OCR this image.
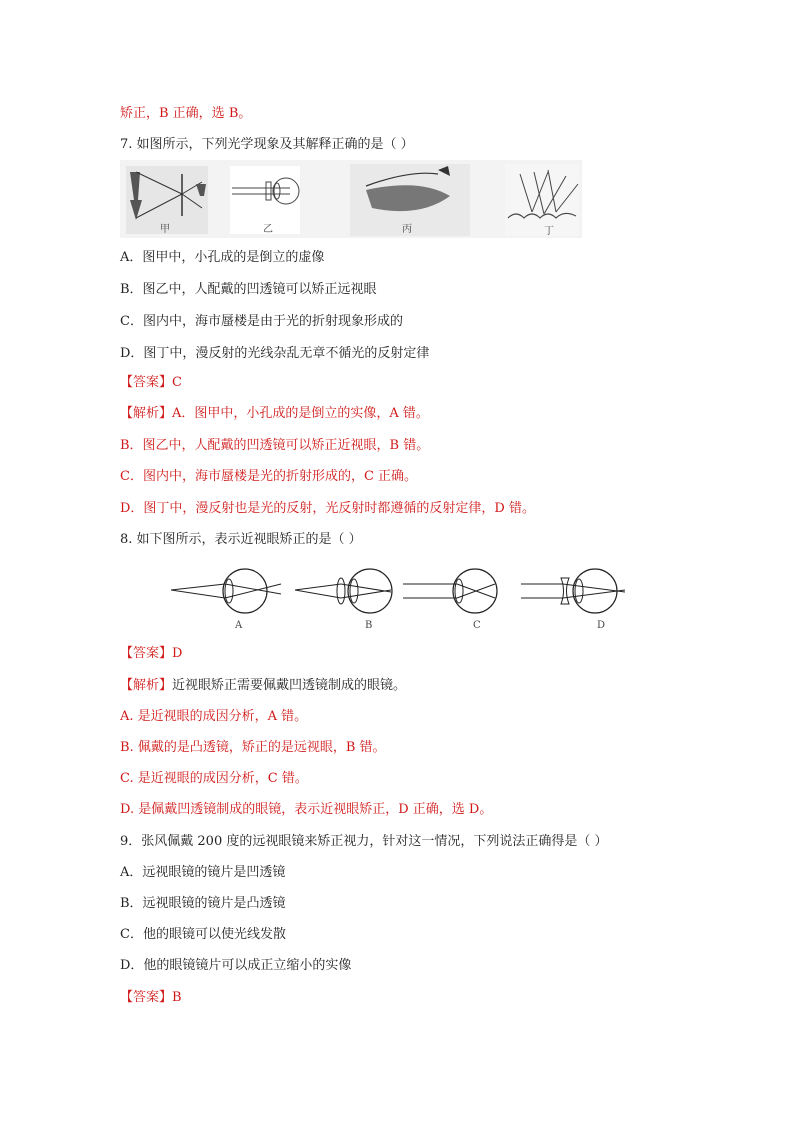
矫正，B 正确，选 B。
7. 如图所示，下列光学现象及其解释正确的是（ ）
甲	乙	丙	丁
A．图甲中，小孔成的是倒立的虚像
B．图乙中，人配戴的凹透镜可以矫正远视眼
C．图内中，海市蜃楼是由于光的折射现象形成的
D．图丁中，漫反射的光线杂乱无章不循光的反射定律
【答案】C
【解析】A．图甲中，小孔成的是倒立的实像，A 错。
B．图乙中，人配戴的凹透镜可以矫正近视眼，B 错。
C．图内中，海市蜃楼是光的折射形成的，C 正确。
D．图丁中，漫反射也是光的反射，光反射时都遵循的反射定律，D 错。
8. 如下图所示，表示近视眼矫正的是（ ）
A	B	C	D
【答案】D
【解析】近视眼矫正需要佩戴凹透镜制成的眼镜。
A. 是近视眼的成因分析，A 错。
B. 佩戴的是凸透镜，矫正的是远视眼，B 错。
C. 是近视眼的成因分析，C 错。
D. 是佩戴凹透镜制成的眼镜，表示近视眼矫正，D 正确，选 D。
9．张风佩戴 200 度的远视眼镜来矫正视力，针对这一情况，下列说法正确得是（ ）
A．远视眼镜的镜片是凹透镜
B．远视眼镜的镜片是凸透镜
C．他的眼镜可以使光线发散
D．他的眼镜镜片可以成正立缩小的实像
【答案】B
